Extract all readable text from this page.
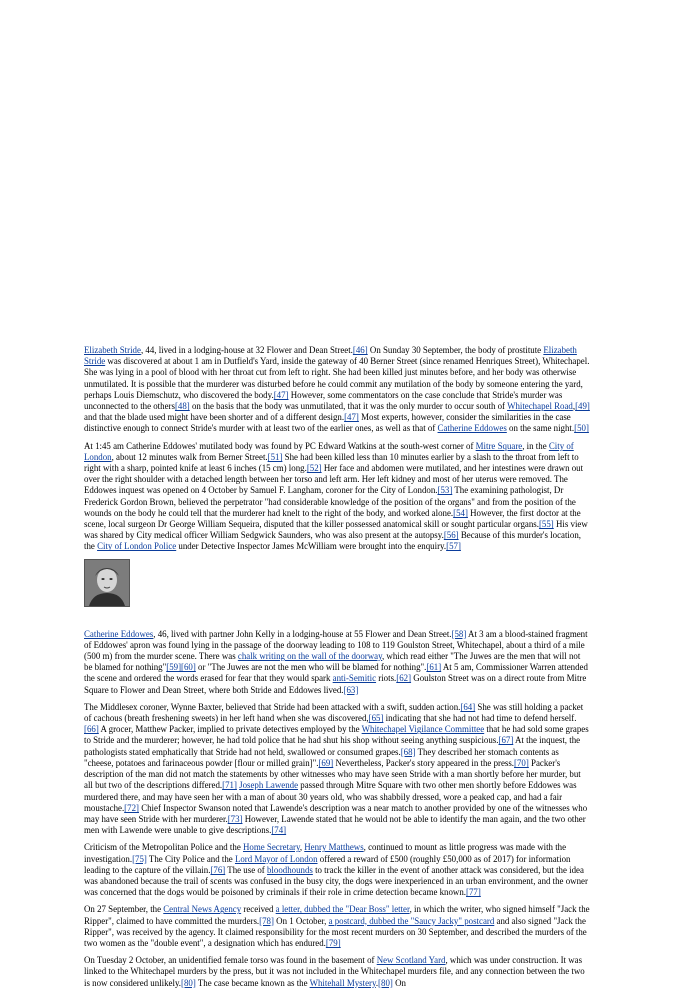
Elizabeth Stride, 44, lived in a lodging-house at 32 Flower and Dean Street.[46] On Sunday 30 September, the body of prostitute Elizabeth Stride was discovered at about 1 am in Dutfield's Yard, inside the gateway of 40 Berner Street (since renamed Henriques Street), Whitechapel. She was lying in a pool of blood with her throat cut from left to right. She had been killed just minutes before, and her body was otherwise unmutilated. It is possible that the murderer was disturbed before he could commit any mutilation of the body by someone entering the yard, perhaps Louis Diemschutz, who discovered the body.[47] However, some commentators on the case conclude that Stride's murder was unconnected to the others[48] on the basis that the body was unmutilated, that it was the only murder to occur south of Whitechapel Road,[49] and that the blade used might have been shorter and of a different design.[47] Most experts, however, consider the similarities in the case distinctive enough to connect Stride's murder with at least two of the earlier ones, as well as that of Catherine Eddowes on the same night.[50]

At 1:45 am Catherine Eddowes' mutilated body was found by PC Edward Watkins at the south-west corner of Mitre Square, in the City of London, about 12 minutes walk from Berner Street.[51] She had been killed less than 10 minutes earlier by a slash to the throat from left to right with a sharp, pointed knife at least 6 inches (15 cm) long.[52] Her face and abdomen were mutilated, and her intestines were drawn out over the right shoulder with a detached length between her torso and left arm. Her left kidney and most of her uterus were removed. The Eddowes inquest was opened on 4 October by Samuel F. Langham, coroner for the City of London.[53] The examining pathologist, Dr Frederick Gordon Brown, believed the perpetrator "had considerable knowledge of the position of the organs" and from the position of the wounds on the body he could tell that the murderer had knelt to the right of the body, and worked alone.[54] However, the first doctor at the scene, local surgeon Dr George William Sequeira, disputed that the killer possessed anatomical skill or sought particular organs.[55] His view was shared by City medical officer William Sedgwick Saunders, who was also present at the autopsy.[56] Because of this murder's location, the City of London Police under Detective Inspector James McWilliam were brought into the enquiry.[57]

Catherine Eddowes, 46, lived with partner John Kelly in a lodging-house at 55 Flower and Dean Street.[58] At 3 am a blood-stained fragment of Eddowes' apron was found lying in the passage of the doorway leading to 108 to 119 Goulston Street, Whitechapel, about a third of a mile (500 m) from the murder scene. There was chalk writing on the wall of the doorway, which read either "The Juwes are the men that will not be blamed for nothing"[59][60] or "The Juwes are not the men who will be blamed for nothing".[61] At 5 am, Commissioner Warren attended the scene and ordered the words erased for fear that they would spark anti-Semitic riots.[62] Goulston Street was on a direct route from Mitre Square to Flower and Dean Street, where both Stride and Eddowes lived.[63]

The Middlesex coroner, Wynne Baxter, believed that Stride had been attacked with a swift, sudden action.[64] She was still holding a packet of cachous (breath freshening sweets) in her left hand when she was discovered,[65] indicating that she had not had time to defend herself.[66] A grocer, Matthew Packer, implied to private detectives employed by the Whitechapel Vigilance Committee that he had sold some grapes to Stride and the murderer; however, he had told police that he had shut his shop without seeing anything suspicious.[67] At the inquest, the pathologists stated emphatically that Stride had not held, swallowed or consumed grapes.[68] They described her stomach contents as "cheese, potatoes and farinaceous powder [flour or milled grain]".[69] Nevertheless, Packer's story appeared in the press.[70] Packer's description of the man did not match the statements by other witnesses who may have seen Stride with a man shortly before her murder, but all but two of the descriptions differed.[71] Joseph Lawende passed through Mitre Square with two other men shortly before Eddowes was murdered there, and may have seen her with a man of about 30 years old, who was shabbily dressed, wore a peaked cap, and had a fair moustache.[72] Chief Inspector Swanson noted that Lawende's description was a near match to another provided by one of the witnesses who may have seen Stride with her murderer.[73] However, Lawende stated that he would not be able to identify the man again, and the two other men with Lawende were unable to give descriptions.[74]

Criticism of the Metropolitan Police and the Home Secretary, Henry Matthews, continued to mount as little progress was made with the investigation.[75] The City Police and the Lord Mayor of London offered a reward of £500 (roughly £50,000 as of 2017) for information leading to the capture of the villain.[76] The use of bloodhounds to track the killer in the event of another attack was considered, but the idea was abandoned because the trail of scents was confused in the busy city, the dogs were inexperienced in an urban environment, and the owner was concerned that the dogs would be poisoned by criminals if their role in crime detection became known.[77]

On 27 September, the Central News Agency received a letter, dubbed the "Dear Boss" letter, in which the writer, who signed himself "Jack the Ripper", claimed to have committed the murders.[78] On 1 October, a postcard, dubbed the "Saucy Jacky" postcard and also signed "Jack the Ripper", was received by the agency. It claimed responsibility for the most recent murders on 30 September, and described the murders of the two women as the "double event", a designation which has endured.[79]

On Tuesday 2 October, an unidentified female torso was found in the basement of New Scotland Yard, which was under construction. It was linked to the Whitechapel murders by the press, but it was not included in the Whitechapel murders file, and any connection between the two is now considered unlikely.[80] The case became known as the Whitehall Mystery.[80] On
